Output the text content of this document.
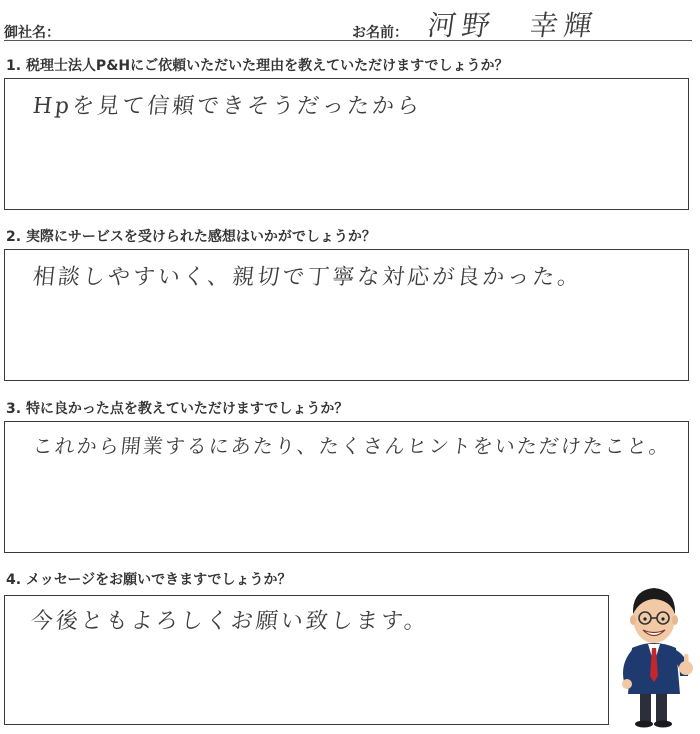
御社名：	お名前： 河野　幸輝
1. 税理士法人P&Hにご依頼いただいた理由を教えていただけますでしょうか？
Hpを見て信頼できそうだったから
2. 実際にサービスを受けられた感想はいかがでしょうか？
相談しやすいく、親切で丁寧な対応が良かった。
3. 特に良かった点を教えていただけますでしょうか？
これから開業するにあたり、たくさんヒントをいただけたこと。
4. メッセージをお願いできますでしょうか？
今後ともよろしくお願い致します。
